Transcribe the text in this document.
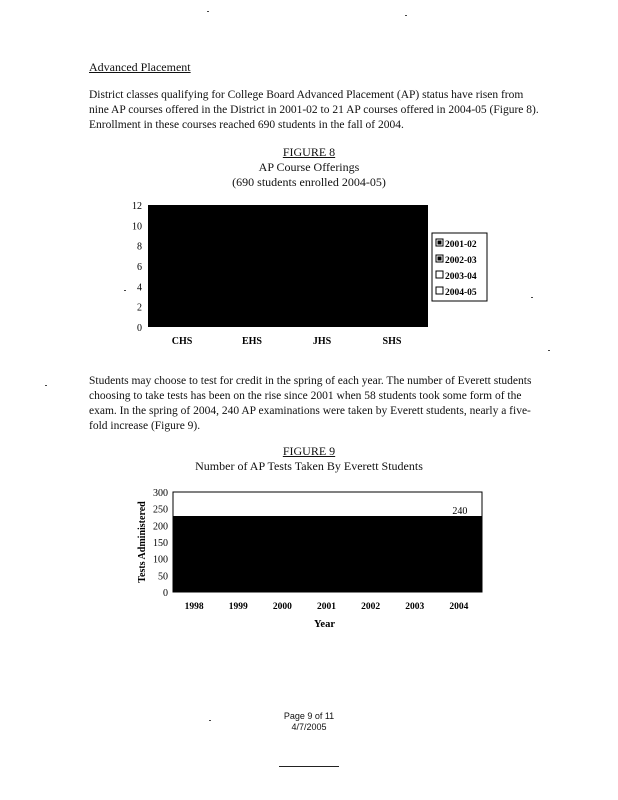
Advanced Placement
District classes qualifying for College Board Advanced Placement (AP) status have risen from nine AP courses offered in the District in 2001-02 to 21 AP courses offered in 2004-05 (Figure 8). Enrollment in these courses reached 690 students in the fall of 2004.
FIGURE 8
AP Course Offerings
(690 students enrolled 2004-05)
0
2
4
6
8
10
12
CHS	EHS	JHS	SHS
2001-02
2002-03
2003-04
2004-05
0
50
100
150
200
250
300
1998	1999	2000	2001	2002	2003	2004
240
Year
Tests Administered
Students may choose to test for credit in the spring of each year. The number of Everett students choosing to take tests has been on the rise since 2001 when 58 students took some form of the exam. In the spring of 2004, 240 AP examinations were taken by Everett students, nearly a five-fold increase (Figure 9).
FIGURE 9
Number of AP Tests Taken By Everett Students
Page 9 of 11
4/7/2005
